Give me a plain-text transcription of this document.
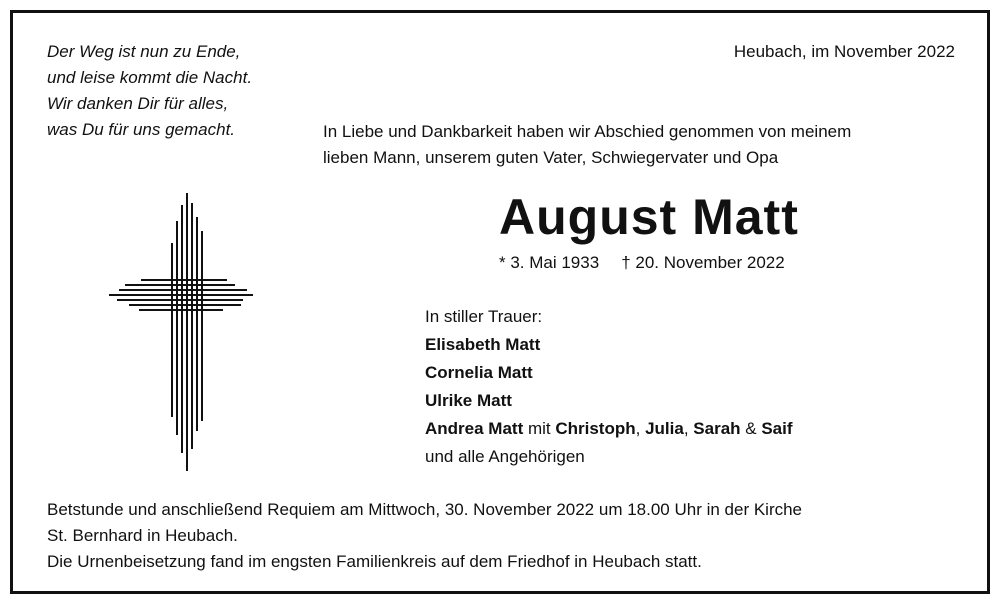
Der Weg ist nun zu Ende,
und leise kommt die Nacht.
Wir danken Dir für alles,
was Du für uns gemacht.
Heubach, im November 2022
In Liebe und Dankbarkeit haben wir Abschied genommen von meinem
lieben Mann, unserem guten Vater, Schwiegervater und Opa
August Matt
* 3. Mai 1933 † 20. November 2022
In stiller Trauer:
Elisabeth Matt
Cornelia Matt
Ulrike Matt
Andrea Matt mit Christoph, Julia, Sarah & Saif
und alle Angehörigen
Betstunde und anschließend Requiem am Mittwoch, 30. November 2022 um 18.00 Uhr in der Kirche
St. Bernhard in Heubach.
Die Urnenbeisetzung fand im engsten Familienkreis auf dem Friedhof in Heubach statt.
